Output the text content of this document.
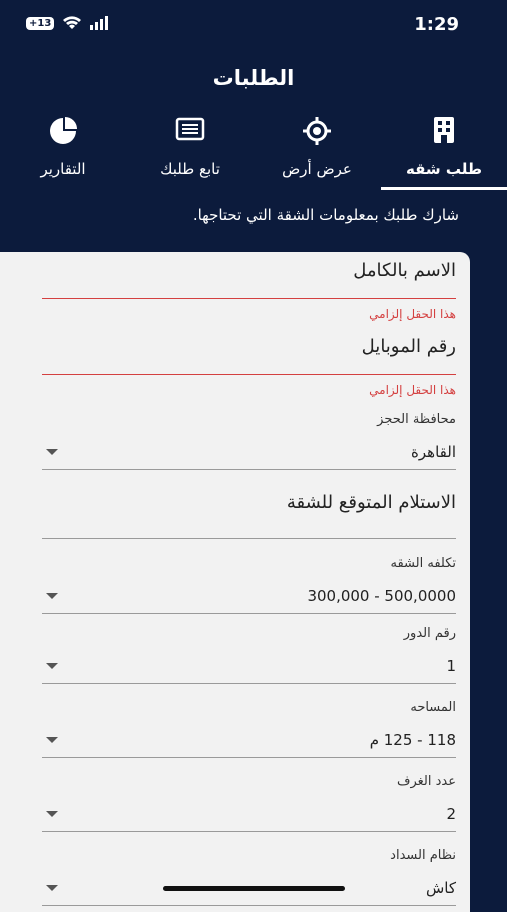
+13	1:29
الطلبات
طلب شقه
عرض أرض
تابع طلبك
التقارير
شارك طلبك بمعلومات الشقة التي تحتاجها.
الاسم بالكامل
هذا الحقل إلزامي
رقم الموبايل
هذا الحقل إلزامي
محافظة الحجز
القاهرة
الاستلام المتوقع للشقة
تكلفه الشقه
500,0000 - 300,000
رقم الدور
1
المساحه
118 - 125 م
عدد الغرف
2
نظام السداد
كاش
